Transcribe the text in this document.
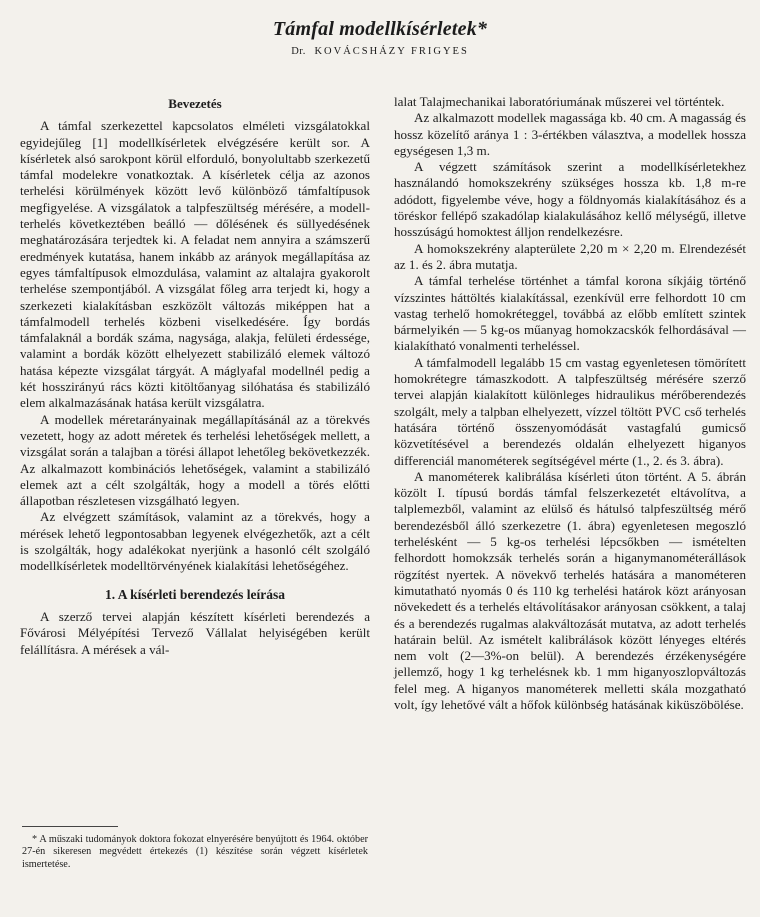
Támfal modellkísérletek*
Dr. KOVÁCSHÁZY FRIGYES

Bevezetés

A támfal szerkezettel kapcsolatos elméleti vizsgálatokkal egyidejűleg [1] modellkísérletek elvégzésére került sor. A kísérletek alsó sarokpont körül elforduló, bonyolultabb szerkezetű támfal modelekre vonatkoztak. A kísérletek célja az azonos terhelési körülmények között levő különböző támfaltípusok megfigyelése. A vizsgálatok a talpfeszültség mérésére, a modell-terhelés következtében beálló — dőlésének és süllyedésének meghatározására terjedtek ki. A feladat nem annyira a számszerű eredmények kutatása, hanem inkább az arányok megállapítása az egyes támfaltípusok elmozdulása, valamint az altalajra gyakorolt terhelése szempontjából. A vizsgálat főleg arra terjedt ki, hogy a szerkezeti kialakításban eszközölt változás miképpen hat a támfalmodell terhelés közbeni viselkedésére. Így bordás támfalaknál a bordák száma, nagysága, alakja, felületi érdessége, valamint a bordák között elhelyezett stabilizáló elemek változó hatása képezte vizsgálat tárgyát. A máglyafal modellnél pedig a két hosszirányú rács közti kitöltőanyag silóhatása és stabilizáló elem alkalmazásának hatása került vizsgálatra.

A modellek méretarányainak megállapításánál az a törekvés vezetett, hogy az adott méretek és terhelési lehetőségek mellett, a vizsgálat során a talajban a törési állapot lehetőleg bekövetkezzék. Az alkalmazott kombinációs lehetőségek, valamint a stabilizáló elemek azt a célt szolgálták, hogy a modell a törés előtti állapotban részletesen vizsgálható legyen.

Az elvégzett számítások, valamint az a törekvés, hogy a mérések lehető legpontosabban legyenek elvégezhetők, azt a célt is szolgálták, hogy adalékokat nyerjünk a hasonló célt szolgáló modellkísérletek modelltörvényének kialakítási lehetőségéhez.

1. A kísérleti berendezés leírása

A szerző tervei alapján készített kísérleti berendezés a Fővárosi Mélyépítési Tervező Vállalat helyiségében került felállításra. A mérések a vál-

* A műszaki tudományok doktora fokozat elnyerésére benyújtott és 1964. október 27-én sikeresen megvédett értekezés (1) készítése során végzett kísérletek ismertetése.

lalat Talajmechanikai laboratóriumának műszerei vel történtek.

Az alkalmazott modellek magassága kb. 40 cm. A magasság és hossz közelítő aránya 1 : 3-értékben választva, a modellek hossza egységesen 1,3 m.

A végzett számítások szerint a modellkísérletekhez használandó homokszekrény szükséges hossza kb. 1,8 m-re adódott, figyelembe véve, hogy a földnyomás kialakításához és a töréskor fellépő szakadólap kialakulásához kellő mélységű, illetve hosszúságú homoktest álljon rendelkezésre.

A homokszekrény alapterülete 2,20 m × 2,20 m. Elrendezését az 1. és 2. ábra mutatja.

A támfal terhelése történhet a támfal korona síkjáig történő vízszintes háttöltés kialakítással, ezenkívül erre felhordott 10 cm vastag terhelő homokréteggel, továbbá az előbb említett szintek bármelyikén — 5 kg-os műanyag homokzacskók felhordásával — kialakítható vonalmenti terheléssel.

A támfalmodell legalább 15 cm vastag egyenletesen tömörített homokrétegre támaszkodott. A talpfeszültség mérésére szerző tervei alapján kialakított különleges hidraulikus mérőberendezés szolgált, mely a talpban elhelyezett, vízzel töltött PVC cső terhelés hatására történő összenyomódását vastagfalú gumicső közvetítésével a berendezés oldalán elhelyezett higanyos differenciál manométerek segítségével mérte (1., 2. és 3. ábra).

A manométerek kalibrálása kísérleti úton történt. A 5. ábrán közölt I. típusú bordás támfal felszerkezetét eltávolítva, a talplemezből, valamint az elülső és hátulsó talpfeszültség mérő berendezésből álló szerkezetre (1. ábra) egyenletesen megoszló terhelésként — 5 kg-os terhelési lépcsőkben — ismételten felhordott homokzsák terhelés során a higanymanométerállások rögzítést nyertek. A növekvő terhelés hatására a manométeren kimutatható nyomás 0 és 110 kg terhelési határok közt arányosan növekedett és a terhelés eltávolításakor arányosan csökkent, a talaj és a berendezés rugalmas alakváltozását mutatva, az adott terhelés határain belül. Az ismételt kalibrálások között lényeges eltérés nem volt (2—3%-on belül). A berendezés érzékenységére jellemző, hogy 1 kg terhelésnek kb. 1 mm higanyoszlopváltozás felel meg. A higanyos manométerek melletti skála mozgatható volt, így lehetővé vált a hőfok különbség hatásának kiküszöbölése.
